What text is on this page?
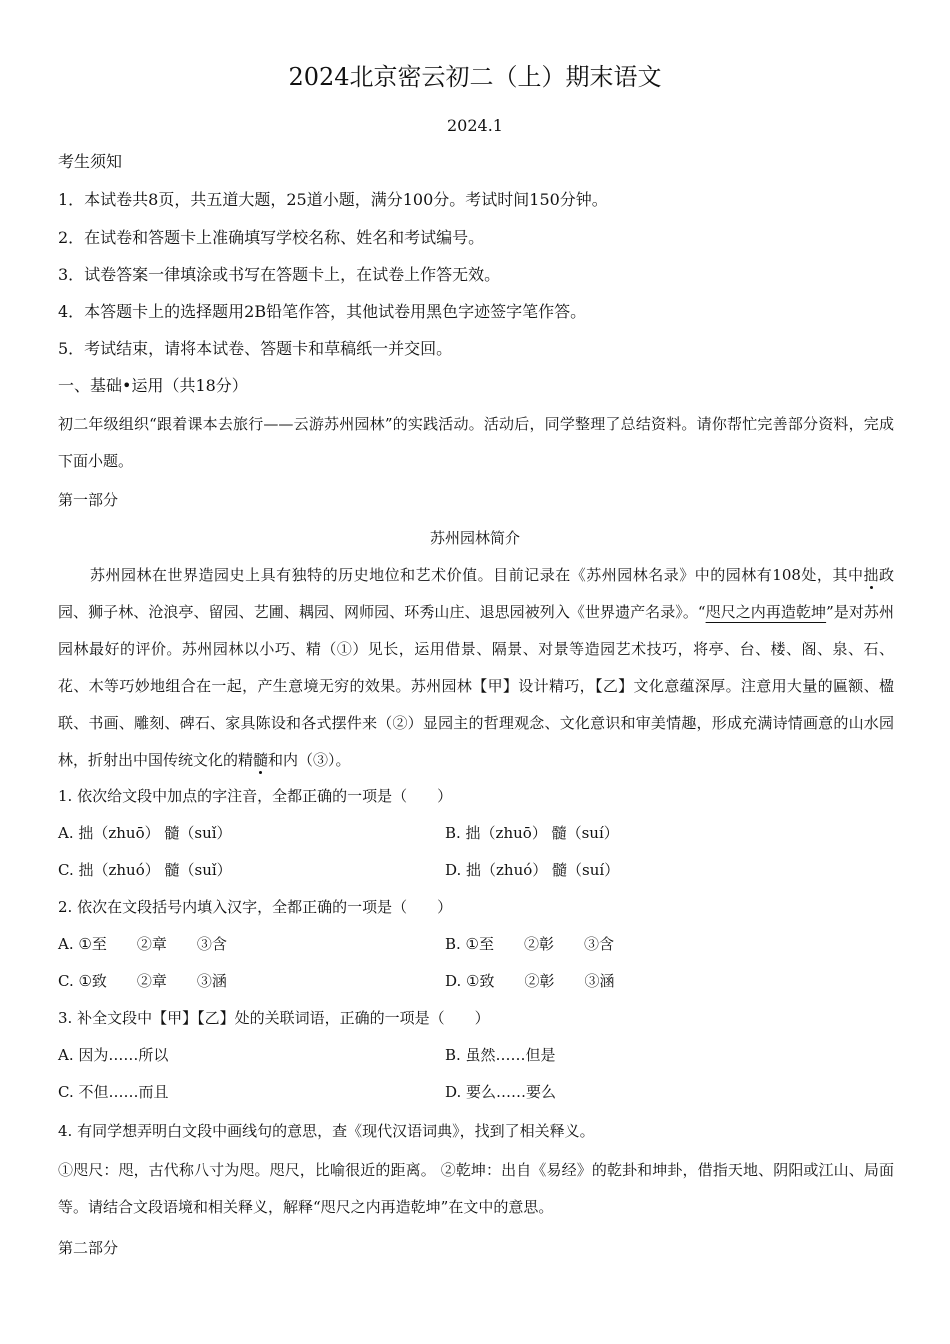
2024北京密云初二（上）期末语文
2024.1
考生须知
1．本试卷共8页，共五道大题，25道小题，满分100分。考试时间150分钟。
2．在试卷和答题卡上准确填写学校名称、姓名和考试编号。
3．试卷答案一律填涂或书写在答题卡上，在试卷上作答无效。
4．本答题卡上的选择题用2B铅笔作答，其他试卷用黑色字迹签字笔作答。
5．考试结束，请将本试卷、答题卡和草稿纸一并交回。
一、基础•运用（共18分）
初二年级组织“跟着课本去旅行——云游苏州园林”的实践活动。活动后，同学整理了总结资料。请你帮忙完善部分资料，完成下面小题。
第一部分
苏州园林简介
苏州园林在世界造园史上具有独特的历史地位和艺术价值。目前记录在《苏州园林名录》中的园林有108处，其中拙政园、狮子林、沧浪亭、留园、艺圃、耦园、网师园、环秀山庄、退思园被列入《世界遗产名录》。“咫尺之内再造乾坤”是对苏州园林最好的评价。苏州园林以小巧、精（①）见长，运用借景、隔景、对景等造园艺术技巧，将亭、台、楼、阁、泉、石、花、木等巧妙地组合在一起，产生意境无穷的效果。苏州园林【甲】设计精巧，【乙】文化意蕴深厚。注意用大量的匾额、楹联、书画、雕刻、碑石、家具陈设和各式摆件来（②）显园主的哲理观念、文化意识和审美情趣，形成充满诗情画意的山水园林，折射出中国传统文化的精髓和内（③）。
1. 依次给文段中加点的字注音，全都正确的一项是（　　）
A. 拙（zhuō） 髓（suǐ）	B. 拙（zhuō） 髓（suí）
C. 拙（zhuó） 髓（suǐ）	D. 拙（zhuó） 髓（suí）
2. 依次在文段括号内填入汉字，全都正确的一项是（　　）
A. ①至　　②章　　③含	B. ①至　　②彰　　③含
C. ①致　　②章　　③涵	D. ①致　　②彰　　③涵
3. 补全文段中【甲】【乙】处的关联词语，正确的一项是（　　）
A. 因为……所以	B. 虽然……但是
C. 不但……而且	D. 要么……要么
4. 有同学想弄明白文段中画线句的意思，查《现代汉语词典》，找到了相关释义。
①咫尺：咫，古代称八寸为咫。咫尺，比喻很近的距离。 ②乾坤：出自《易经》的乾卦和坤卦，借指天地、阴阳或江山、局面等。请结合文段语境和相关释义，解释“咫尺之内再造乾坤”在文中的意思。
第二部分
